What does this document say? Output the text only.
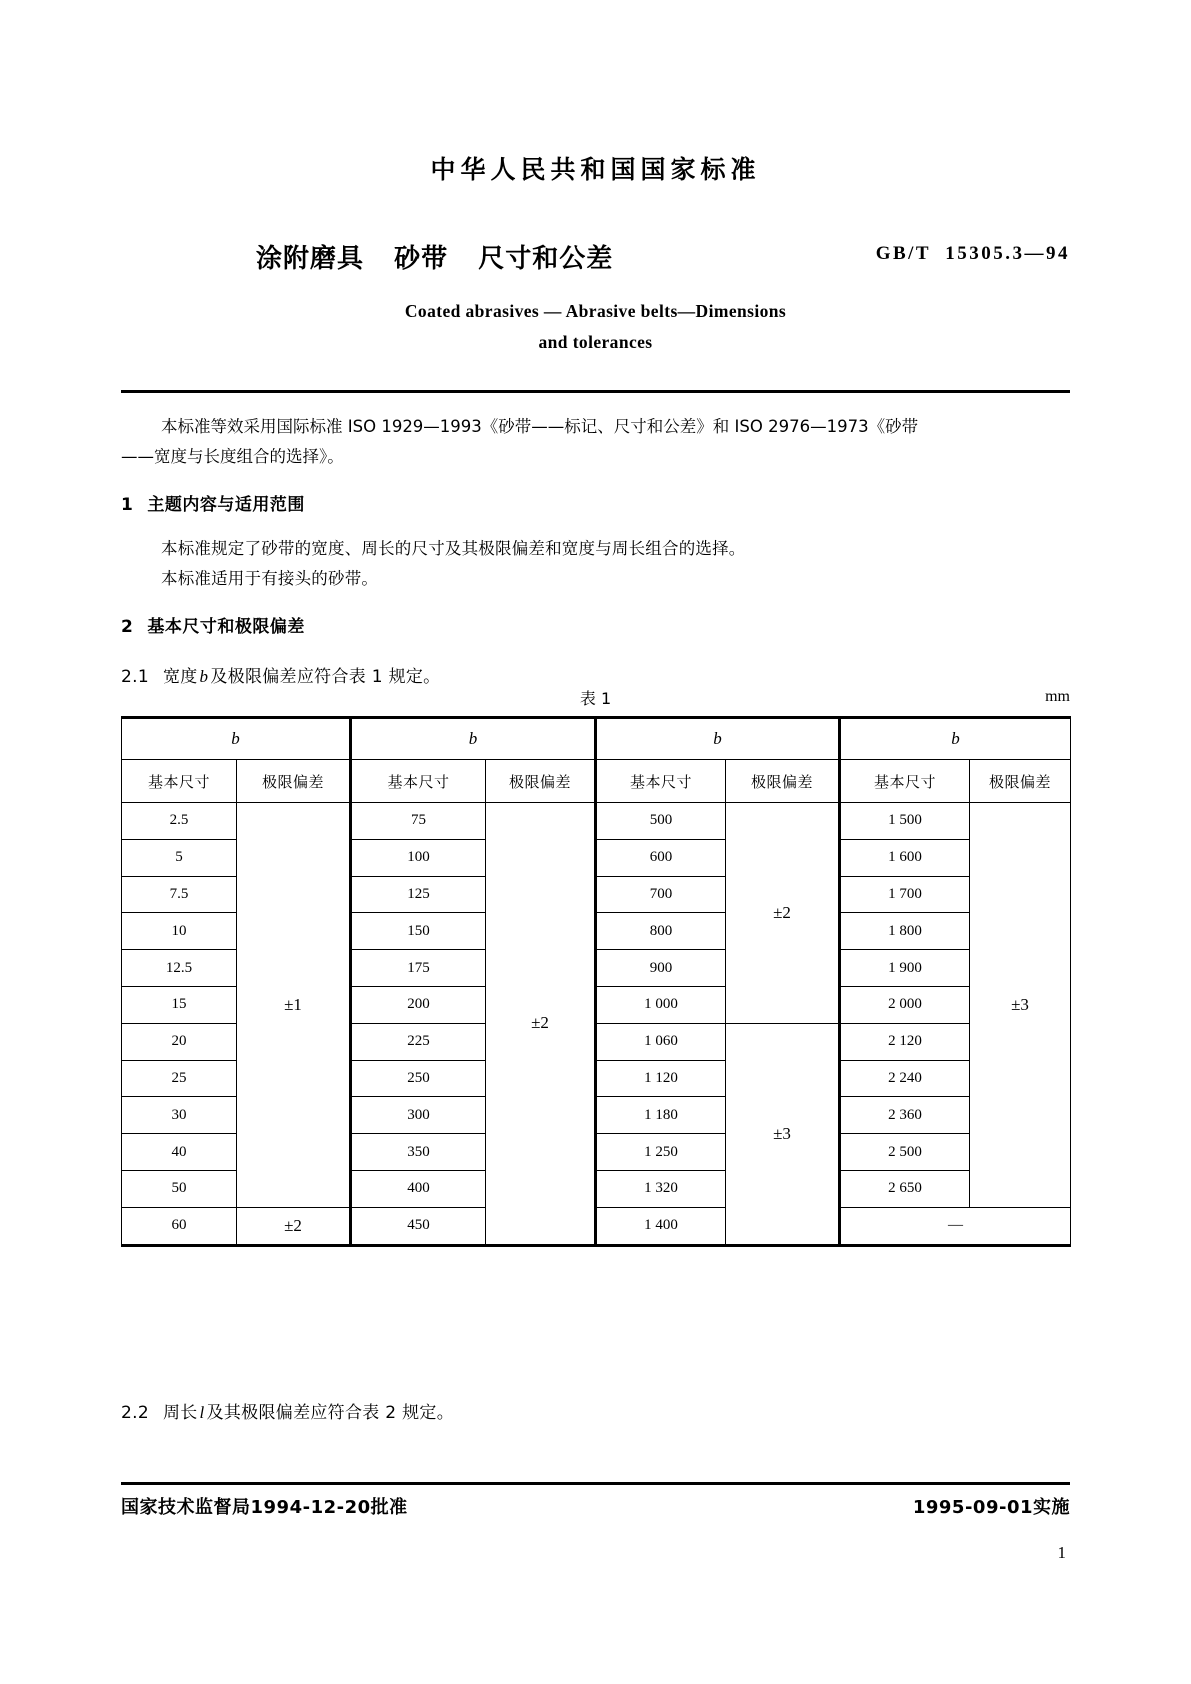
中华人民共和国国家标准
涂附磨具   砂带   尺寸和公差	GB/T  15305.3—94
Coated abrasives — Abrasive belts—Dimensions
and tolerances

本标准等效采用国际标准 ISO 1929—1993《砂带——标记、尺寸和公差》和 ISO 2976—1973《砂带

——宽度与长度组合的选择》。

1 主题内容与适用范围

本标准规定了砂带的宽度、周长的尺寸及其极限偏差和宽度与周长组合的选择。

本标准适用于有接头的砂带。

2 基本尺寸和极限偏差

2.1 宽度 b 及极限偏差应符合表 1 规定。

表 1	mm
b		b		b		b	
基本尺寸	极限偏差	基本尺寸	极限偏差	基本尺寸	极限偏差	基本尺寸	极限偏差
2.5	±1	75	±2	500	±2	1 500	±3
5		100		600		1 600	
7.5		125		700		1 700	
10		150		800		1 800	
12.5		175		900		1 900	
15		200		1 000		2 000	
20		225		1 060	±3	2 120	
25		250		1 120		2 240	
30		300		1 180		2 360	
40		350		1 250		2 500	
50		400		1 320		2 650	
60	±2	450		1 400		—	
2.2 周长 l 及其极限偏差应符合表 2 规定。
国家技术监督局1994-12-20批准	1995-09-01实施
1
